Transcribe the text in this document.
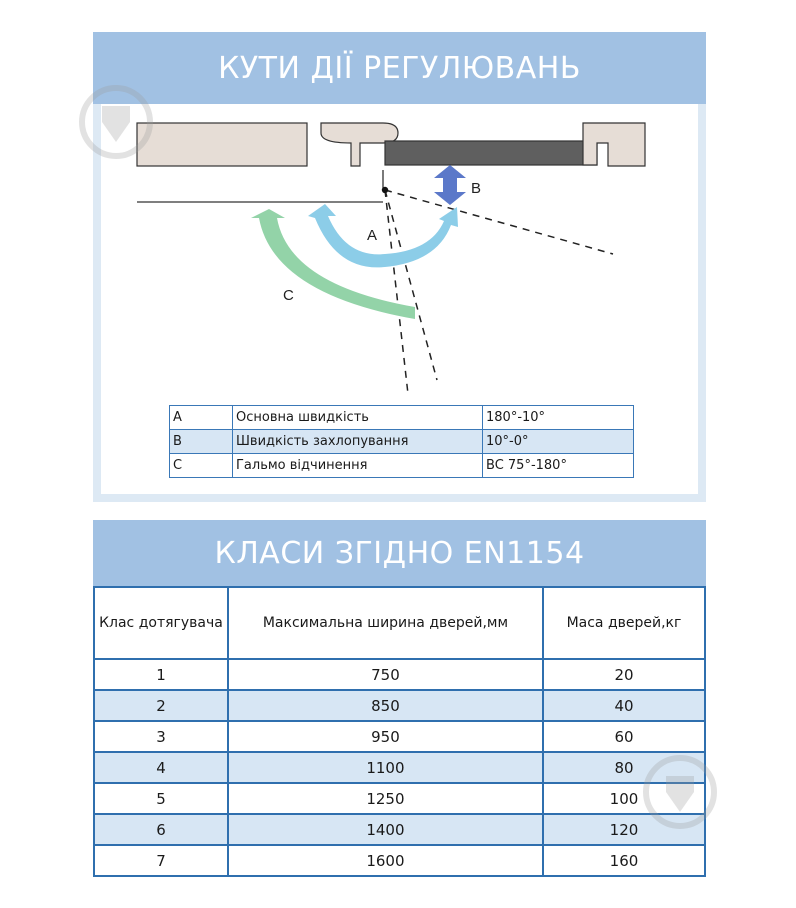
КУТИ ДІЇ РЕГУЛЮВАНЬ
A
B
C
A	Основна швидкість	180°-10°
B	Швидкість захлопування	10°-0°
C	Гальмо відчинення	BC 75°-180°
КЛАСИ ЗГІДНО EN1154
Клас дотягувача	Максимальна ширина дверей,мм	Маса дверей,кг
1	750	20
2	850	40
3	950	60
4	1100	80
5	1250	100
6	1400	120
7	1600	160
